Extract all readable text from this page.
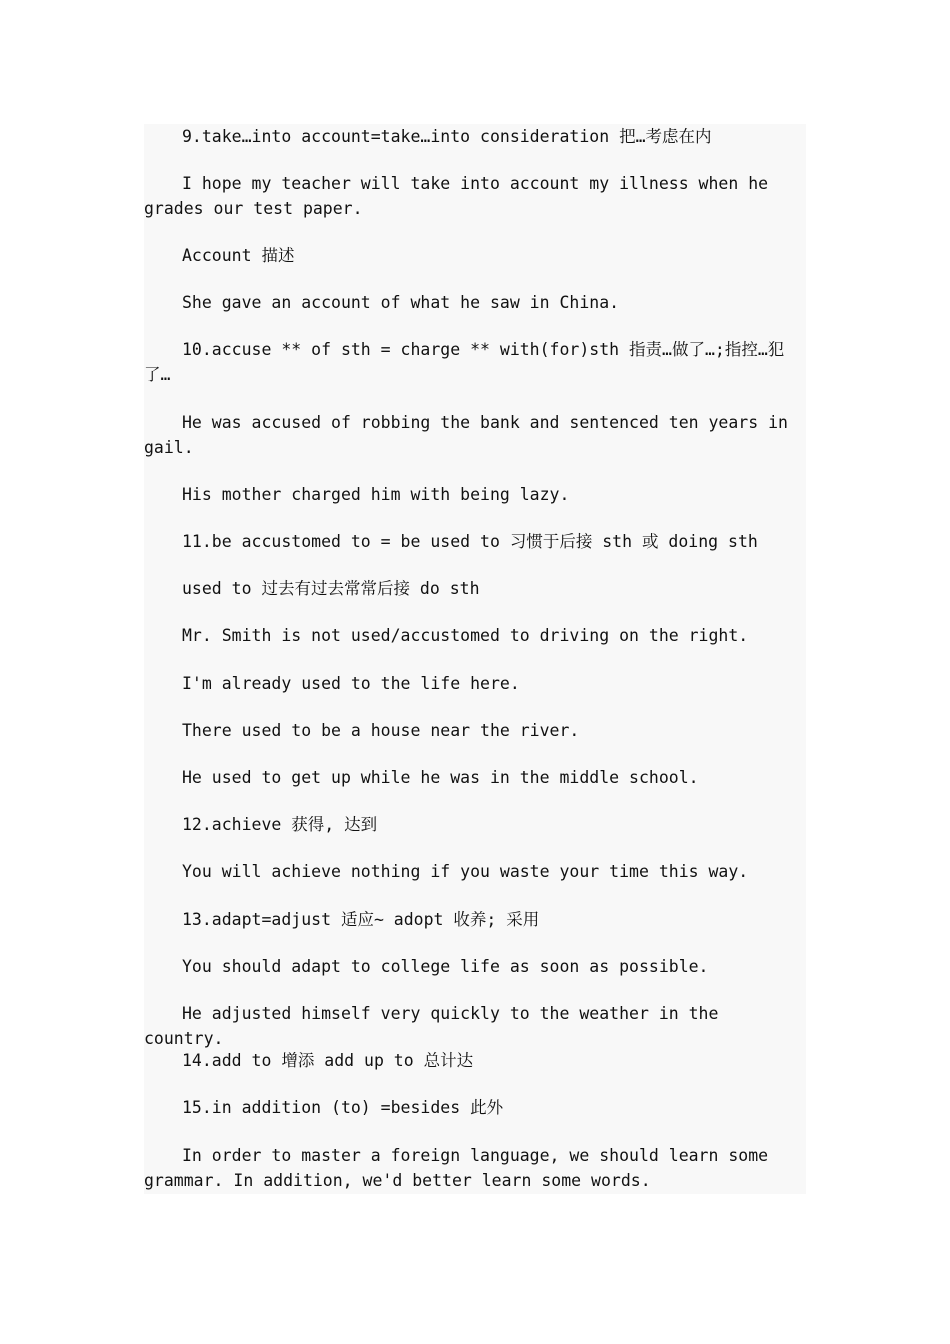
9.take…into account=take…into consideration 把…考虑在内

I hope my teacher will take into account my illness when he grades our test paper.

Account 描述

She gave an account of what he saw in China.

10.accuse ** of sth = charge ** with(for)sth 指责…做了…;指控…犯了…

He was accused of robbing the bank and sentenced ten years in gail.

His mother charged him with being lazy.

11.be accustomed to = be used to 习惯于后接 sth 或 doing sth

used to 过去有过去常常后接 do sth

Mr. Smith is not used/accustomed to driving on the right.

I'm already used to the life here.

There used to be a house near the river.

He used to get up while he was in the middle school.

12.achieve 获得, 达到

You will achieve nothing if you waste your time this way.

13.adapt=adjust 适应~ adopt 收养; 采用

You should adapt to college life as soon as possible.

He adjusted himself very quickly to the weather in the country.

14.add to 增添 add up to 总计达

15.in addition (to) =besides 此外

In order to master a foreign language, we should learn some grammar. In addition, we'd better learn some words.
